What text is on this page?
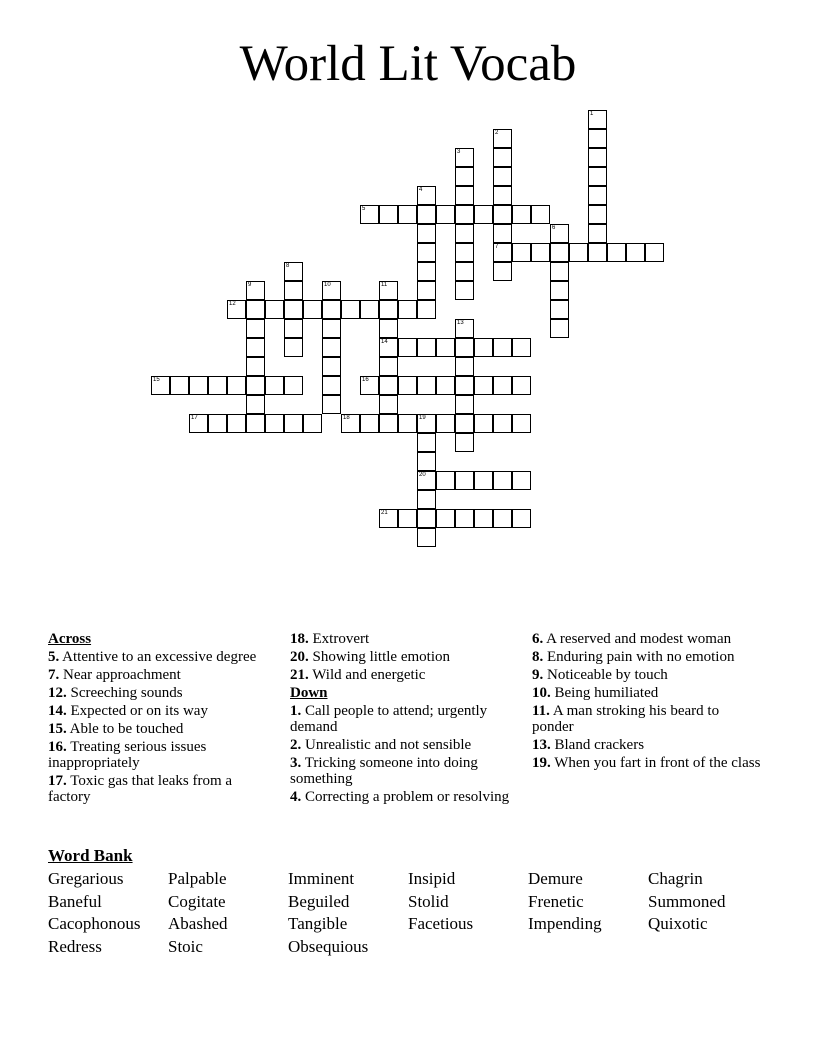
World Lit Vocab
5
7
12
14
15	16
17	18	19
20
21
1
2
3
4
6
8
9	10	11
13
Across
5. Attentive to an excessive degree
7. Near approachment
12. Screeching sounds
14. Expected or on its way
15. Able to be touched
16. Treating serious issues inappropriately
17. Toxic gas that leaks from a factory
18. Extrovert
20. Showing little emotion
21. Wild and energetic
Down
1. Call people to attend; urgently demand
2. Unrealistic and not sensible
3. Tricking someone into doing something
4. Correcting a problem or resolving
6. A reserved and modest woman
8. Enduring pain with no emotion
9. Noticeable by touch
10. Being humiliated
11. A man stroking his beard to ponder
13. Bland crackers
19. When you fart in front of the class
Word Bank
Gregarious	Palpable	Imminent	Insipid	Demure	Chagrin
Baneful	Cogitate	Beguiled	Stolid	Frenetic	Summoned
Cacophonous Abashed	Tangible	Facetious	Impending	Quixotic
Redress	Stoic	Obsequious
